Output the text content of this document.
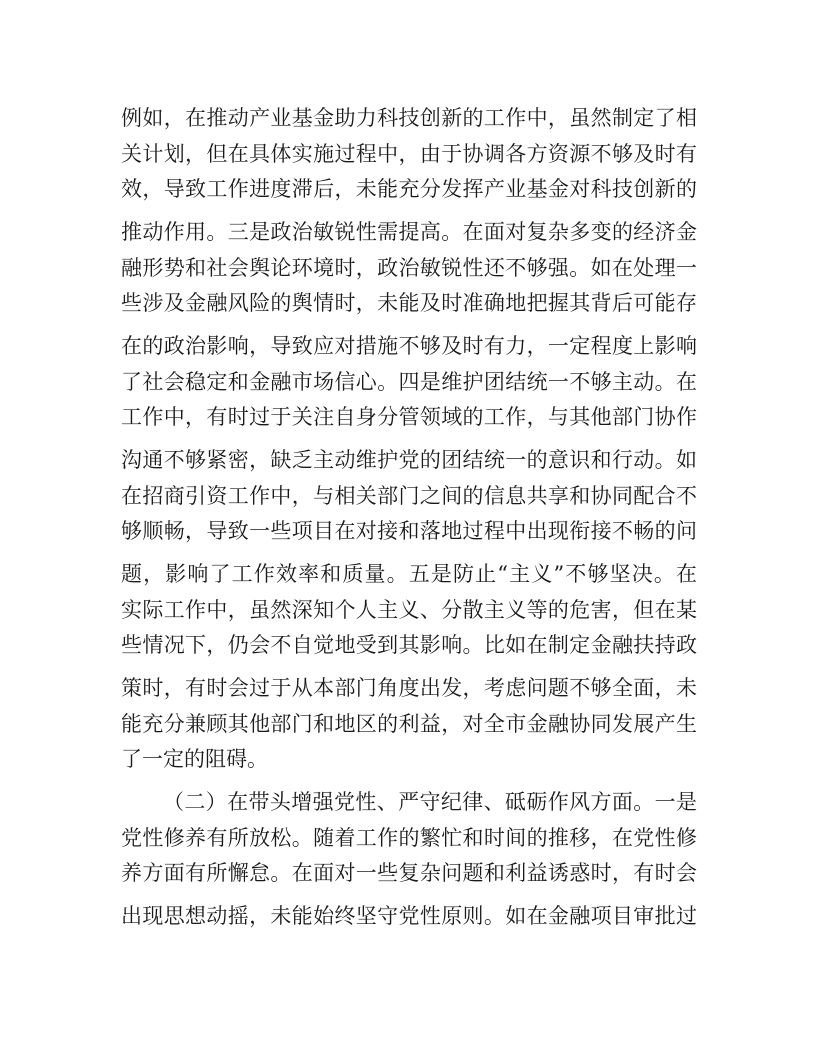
例如，在推动产业基金助力科技创新的工作中，虽然制定了相
关计划，但在具体实施过程中，由于协调各方资源不够及时有
效，导致工作进度滞后，未能充分发挥产业基金对科技创新的
推动作用。三是政治敏锐性需提高。在面对复杂多变的经济金
融形势和社会舆论环境时，政治敏锐性还不够强。如在处理一
些涉及金融风险的舆情时，未能及时准确地把握其背后可能存
在的政治影响，导致应对措施不够及时有力，一定程度上影响
了社会稳定和金融市场信心。四是维护团结统一不够主动。在
工作中，有时过于关注自身分管领域的工作，与其他部门协作
沟通不够紧密，缺乏主动维护党的团结统一的意识和行动。如
在招商引资工作中，与相关部门之间的信息共享和协同配合不
够顺畅，导致一些项目在对接和落地过程中出现衔接不畅的问
题，影响了工作效率和质量。五是防止“主义”不够坚决。在
实际工作中，虽然深知个人主义、分散主义等的危害，但在某
些情况下，仍会不自觉地受到其影响。比如在制定金融扶持政
策时，有时会过于从本部门角度出发，考虑问题不够全面，未
能充分兼顾其他部门和地区的利益，对全市金融协同发展产生
了一定的阻碍。
（二）在带头增强党性、严守纪律、砥砺作风方面。一是
党性修养有所放松。随着工作的繁忙和时间的推移，在党性修
养方面有所懈怠。在面对一些复杂问题和利益诱惑时，有时会
出现思想动摇，未能始终坚守党性原则。如在金融项目审批过
